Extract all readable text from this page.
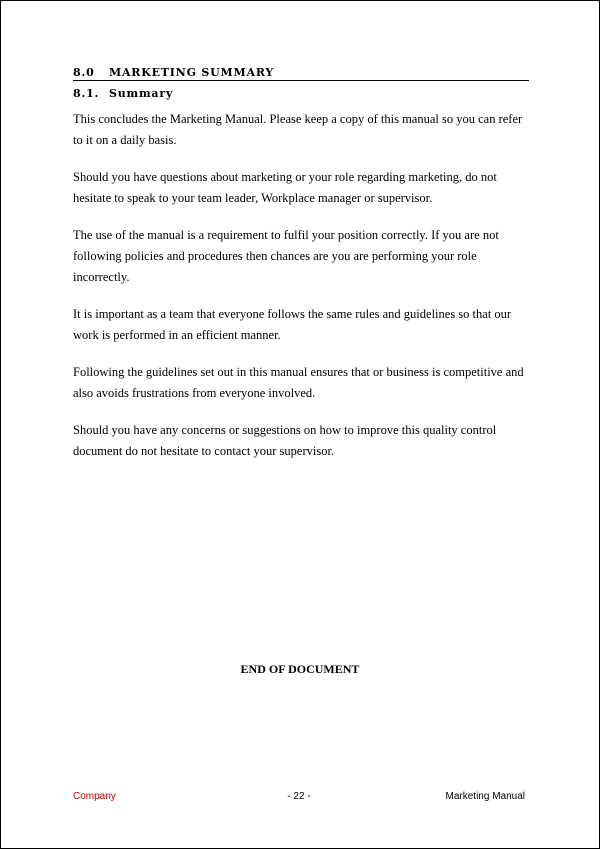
8.0 MARKETING SUMMARY
8.1. Summary

This concludes the Marketing Manual. Please keep a copy of this manual so you can refer to it on a daily basis.

Should you have questions about marketing or your role regarding marketing, do not hesitate to speak to your team leader, Workplace manager or supervisor.

The use of the manual is a requirement to fulfil your position correctly. If you are not following policies and procedures then chances are you are performing your role incorrectly.

It is important as a team that everyone follows the same rules and guidelines so that our work is performed in an efficient manner.

Following the guidelines set out in this manual ensures that or business is competitive and also avoids frustrations from everyone involved.

Should you have any concerns or suggestions on how to improve this quality control document do not hesitate to contact your supervisor.

END OF DOCUMENT
Company	- 22 -	Marketing Manual
